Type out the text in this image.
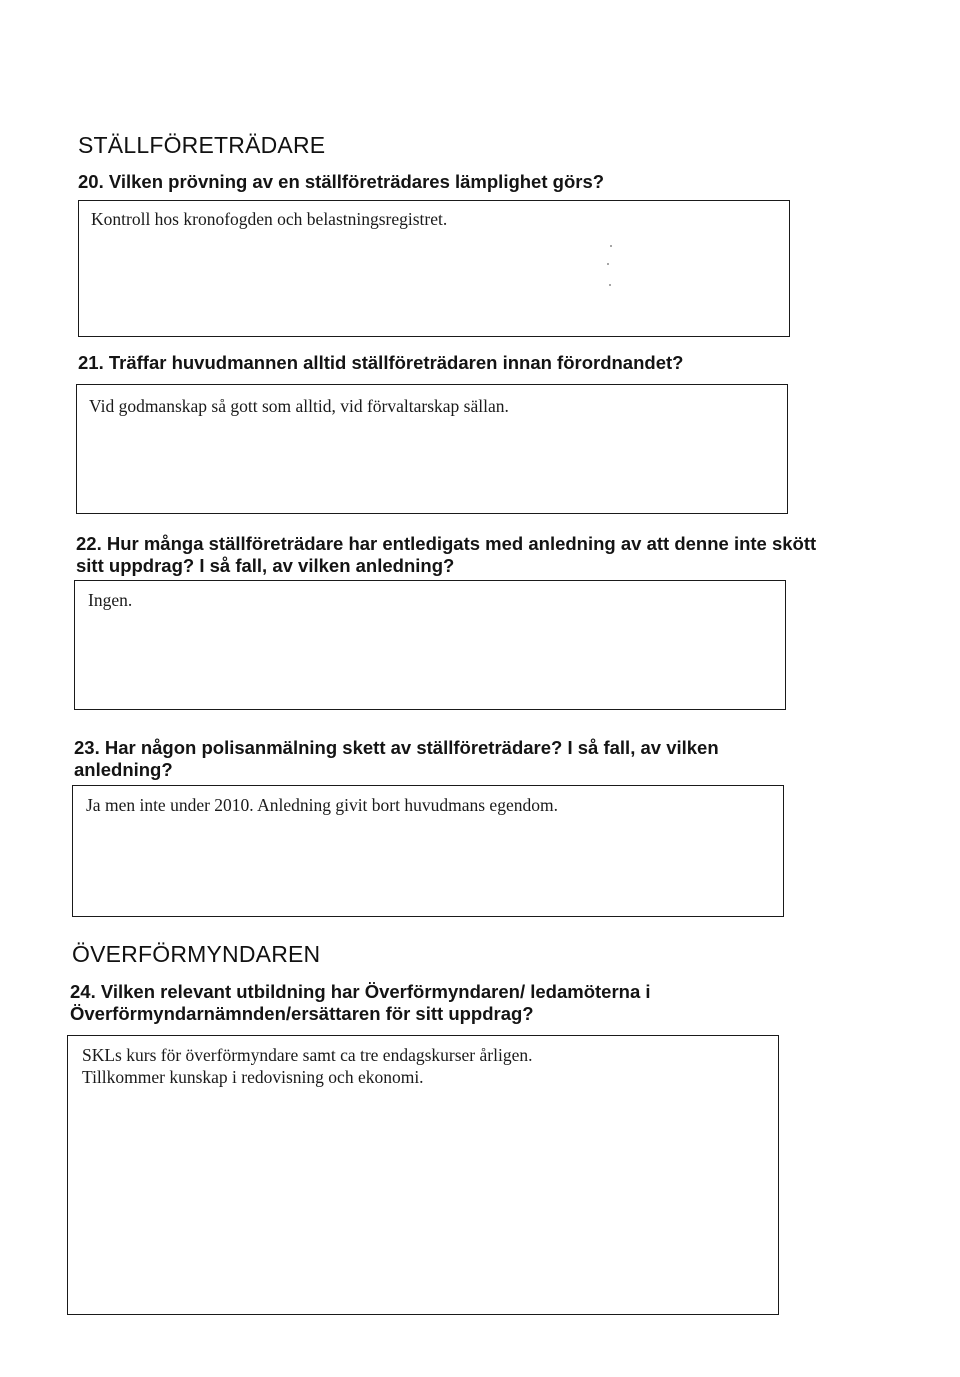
STÄLLFÖRETRÄDARE

20. Vilken prövning av en ställföreträdares lämplighet görs?

Kontroll hos kronofogden och belastningsregistret.

21. Träffar huvudmannen alltid ställföreträdaren innan förordnandet?

Vid godmanskap så gott som alltid, vid förvaltarskap sällan.

22. Hur många ställföreträdare har entledigats med anledning av att denne inte skött sitt uppdrag? I så fall, av vilken anledning?

Ingen.

23. Har någon polisanmälning skett av ställföreträdare? I så fall, av vilken anledning?

Ja men inte under 2010. Anledning givit bort huvudmans egendom.

ÖVERFÖRMYNDAREN

24. Vilken relevant utbildning har Överförmyndaren/ ledamöterna i Överförmyndarnämnden/ersättaren för sitt uppdrag?

SKLs kurs för överförmyndare samt ca tre endagskurser årligen.
Tillkommer kunskap i redovisning och ekonomi.
